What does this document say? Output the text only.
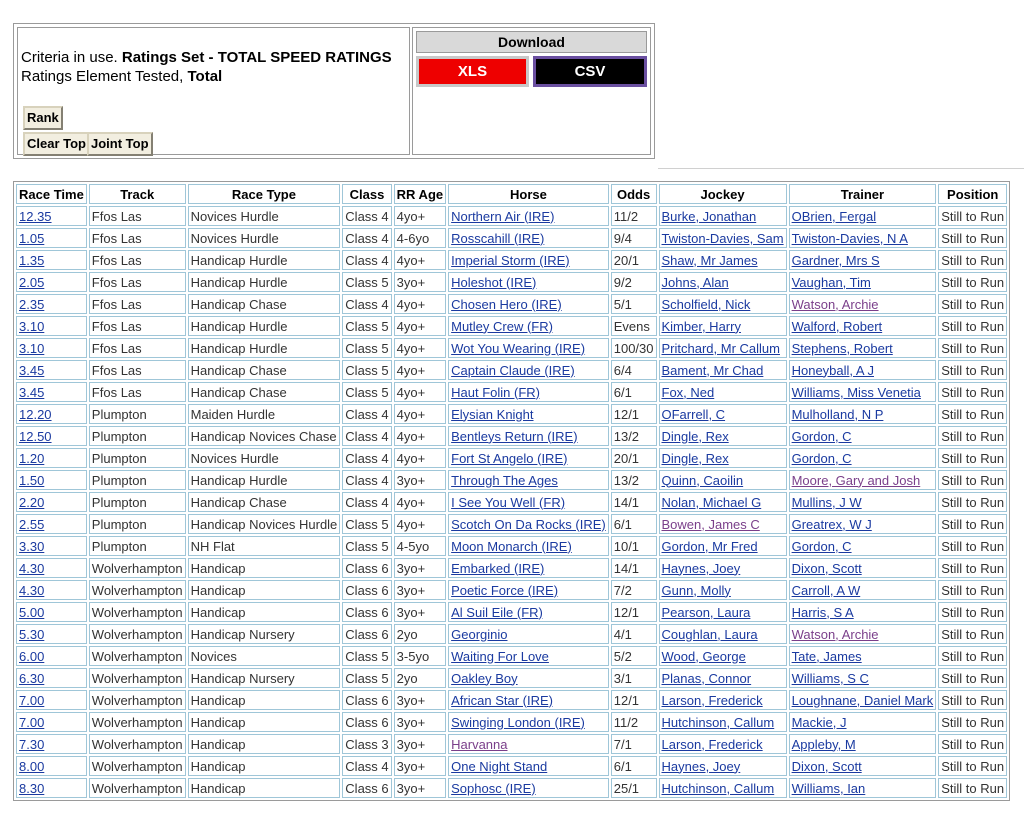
Criteria in use. Ratings Set - TOTAL SPEED RATINGS
Ratings Element Tested, Total
Rank
Clear Top Joint Top
Download
XLS	CSV
Race Time	Track	Race Type	Class	RR Age	Horse	Odds	Jockey	Trainer	Position
12.35	Ffos Las	Novices Hurdle	Class 4	4yo+	Northern Air (IRE)	11/2	Burke, Jonathan	OBrien, Fergal	Still to Run
1.05	Ffos Las	Novices Hurdle	Class 4	4-6yo	Rosscahill (IRE)	9/4	Twiston-Davies, Sam	Twiston-Davies, N A	Still to Run
1.35	Ffos Las	Handicap Hurdle	Class 4	4yo+	Imperial Storm (IRE)	20/1	Shaw, Mr James	Gardner, Mrs S	Still to Run
2.05	Ffos Las	Handicap Hurdle	Class 5	3yo+	Holeshot (IRE)	9/2	Johns, Alan	Vaughan, Tim	Still to Run
2.35	Ffos Las	Handicap Chase	Class 4	4yo+	Chosen Hero (IRE)	5/1	Scholfield, Nick	Watson, Archie	Still to Run
3.10	Ffos Las	Handicap Hurdle	Class 5	4yo+	Mutley Crew (FR)	Evens	Kimber, Harry	Walford, Robert	Still to Run
3.10	Ffos Las	Handicap Hurdle	Class 5	4yo+	Wot You Wearing (IRE)	100/30	Pritchard, Mr Callum	Stephens, Robert	Still to Run
3.45	Ffos Las	Handicap Chase	Class 5	4yo+	Captain Claude (IRE)	6/4	Bament, Mr Chad	Honeyball, A J	Still to Run
3.45	Ffos Las	Handicap Chase	Class 5	4yo+	Haut Folin (FR)	6/1	Fox, Ned	Williams, Miss Venetia	Still to Run
12.20	Plumpton	Maiden Hurdle	Class 4	4yo+	Elysian Knight	12/1	OFarrell, C	Mulholland, N P	Still to Run
12.50	Plumpton	Handicap Novices Chase	Class 4	4yo+	Bentleys Return (IRE)	13/2	Dingle, Rex	Gordon, C	Still to Run
1.20	Plumpton	Novices Hurdle	Class 4	4yo+	Fort St Angelo (IRE)	20/1	Dingle, Rex	Gordon, C	Still to Run
1.50	Plumpton	Handicap Hurdle	Class 4	3yo+	Through The Ages	13/2	Quinn, Caoilin	Moore, Gary and Josh	Still to Run
2.20	Plumpton	Handicap Chase	Class 4	4yo+	I See You Well (FR)	14/1	Nolan, Michael G	Mullins, J W	Still to Run
2.55	Plumpton	Handicap Novices Hurdle	Class 5	4yo+	Scotch On Da Rocks (IRE)	6/1	Bowen, James C	Greatrex, W J	Still to Run
3.30	Plumpton	NH Flat	Class 5	4-5yo	Moon Monarch (IRE)	10/1	Gordon, Mr Fred	Gordon, C	Still to Run
4.30	Wolverhampton	Handicap	Class 6	3yo+	Embarked (IRE)	14/1	Haynes, Joey	Dixon, Scott	Still to Run
4.30	Wolverhampton	Handicap	Class 6	3yo+	Poetic Force (IRE)	7/2	Gunn, Molly	Carroll, A W	Still to Run
5.00	Wolverhampton	Handicap	Class 6	3yo+	Al Suil Eile (FR)	12/1	Pearson, Laura	Harris, S A	Still to Run
5.30	Wolverhampton	Handicap Nursery	Class 6	2yo	Georginio	4/1	Coughlan, Laura	Watson, Archie	Still to Run
6.00	Wolverhampton	Novices	Class 5	3-5yo	Waiting For Love	5/2	Wood, George	Tate, James	Still to Run
6.30	Wolverhampton	Handicap Nursery	Class 5	2yo	Oakley Boy	3/1	Planas, Connor	Williams, S C	Still to Run
7.00	Wolverhampton	Handicap	Class 6	3yo+	African Star (IRE)	12/1	Larson, Frederick	Loughnane, Daniel Mark	Still to Run
7.00	Wolverhampton	Handicap	Class 6	3yo+	Swinging London (IRE)	11/2	Hutchinson, Callum	Mackie, J	Still to Run
7.30	Wolverhampton	Handicap	Class 3	3yo+	Harvanna	7/1	Larson, Frederick	Appleby, M	Still to Run
8.00	Wolverhampton	Handicap	Class 4	3yo+	One Night Stand	6/1	Haynes, Joey	Dixon, Scott	Still to Run
8.30	Wolverhampton	Handicap	Class 6	3yo+	Sophosc (IRE)	25/1	Hutchinson, Callum	Williams, Ian	Still to Run
